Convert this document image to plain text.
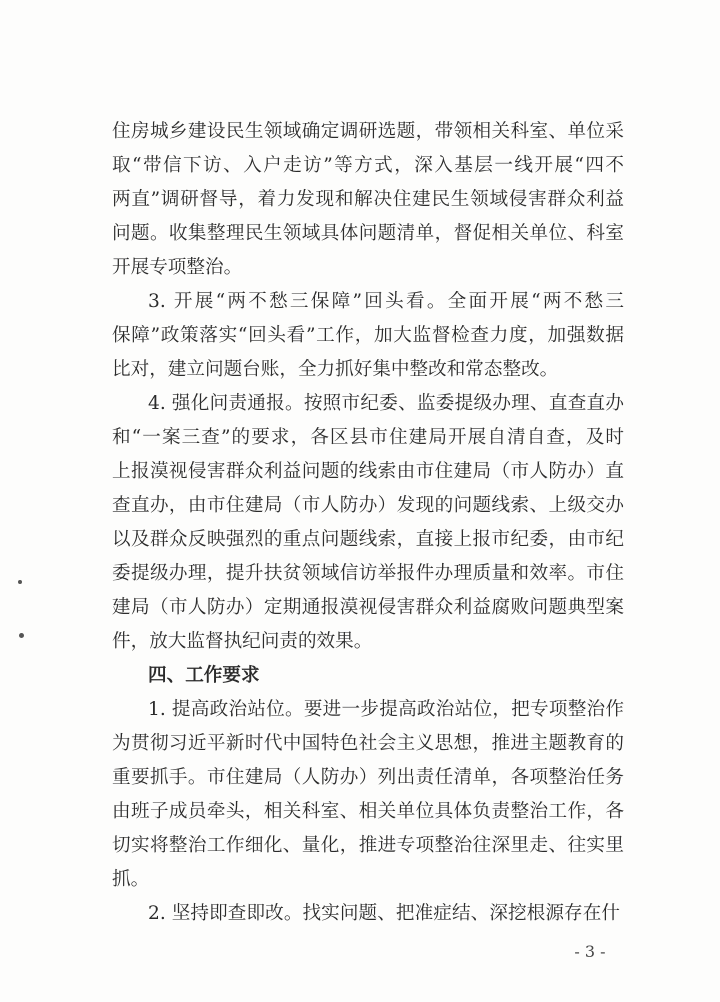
住房城乡建设民生领域确定调研选题，带领相关科室、单位采
取“带信下访、入户走访”等方式，深入基层一线开展“四不
两直”调研督导，着力发现和解决住建民生领域侵害群众利益
问题。收集整理民生领域具体问题清单，督促相关单位、科室
开展专项整治。
3. 开展“两不愁三保障”回头看。全面开展“两不愁三
保障”政策落实“回头看”工作，加大监督检查力度，加强数据
比对，建立问题台账，全力抓好集中整改和常态整改。
4. 强化问责通报。按照市纪委、监委提级办理、直查直办
和“一案三查”的要求，各区县市住建局开展自清自查，及时
上报漠视侵害群众利益问题的线索由市住建局（市人防办）直
查直办，由市住建局（市人防办）发现的问题线索、上级交办
以及群众反映强烈的重点问题线索，直接上报市纪委，由市纪
委提级办理，提升扶贫领域信访举报件办理质量和效率。市住
建局（市人防办）定期通报漠视侵害群众利益腐败问题典型案
件，放大监督执纪问责的效果。
四、工作要求
1. 提高政治站位。要进一步提高政治站位，把专项整治作
为贯彻习近平新时代中国特色社会主义思想，推进主题教育的
重要抓手。市住建局（人防办）列出责任清单，各项整治任务
由班子成员牵头，相关科室、相关单位具体负责整治工作，各
切实将整治工作细化、量化，推进专项整治往深里走、往实里
抓。
2. 坚持即查即改。找实问题、把准症结、深挖根源存在什
- 3 -
